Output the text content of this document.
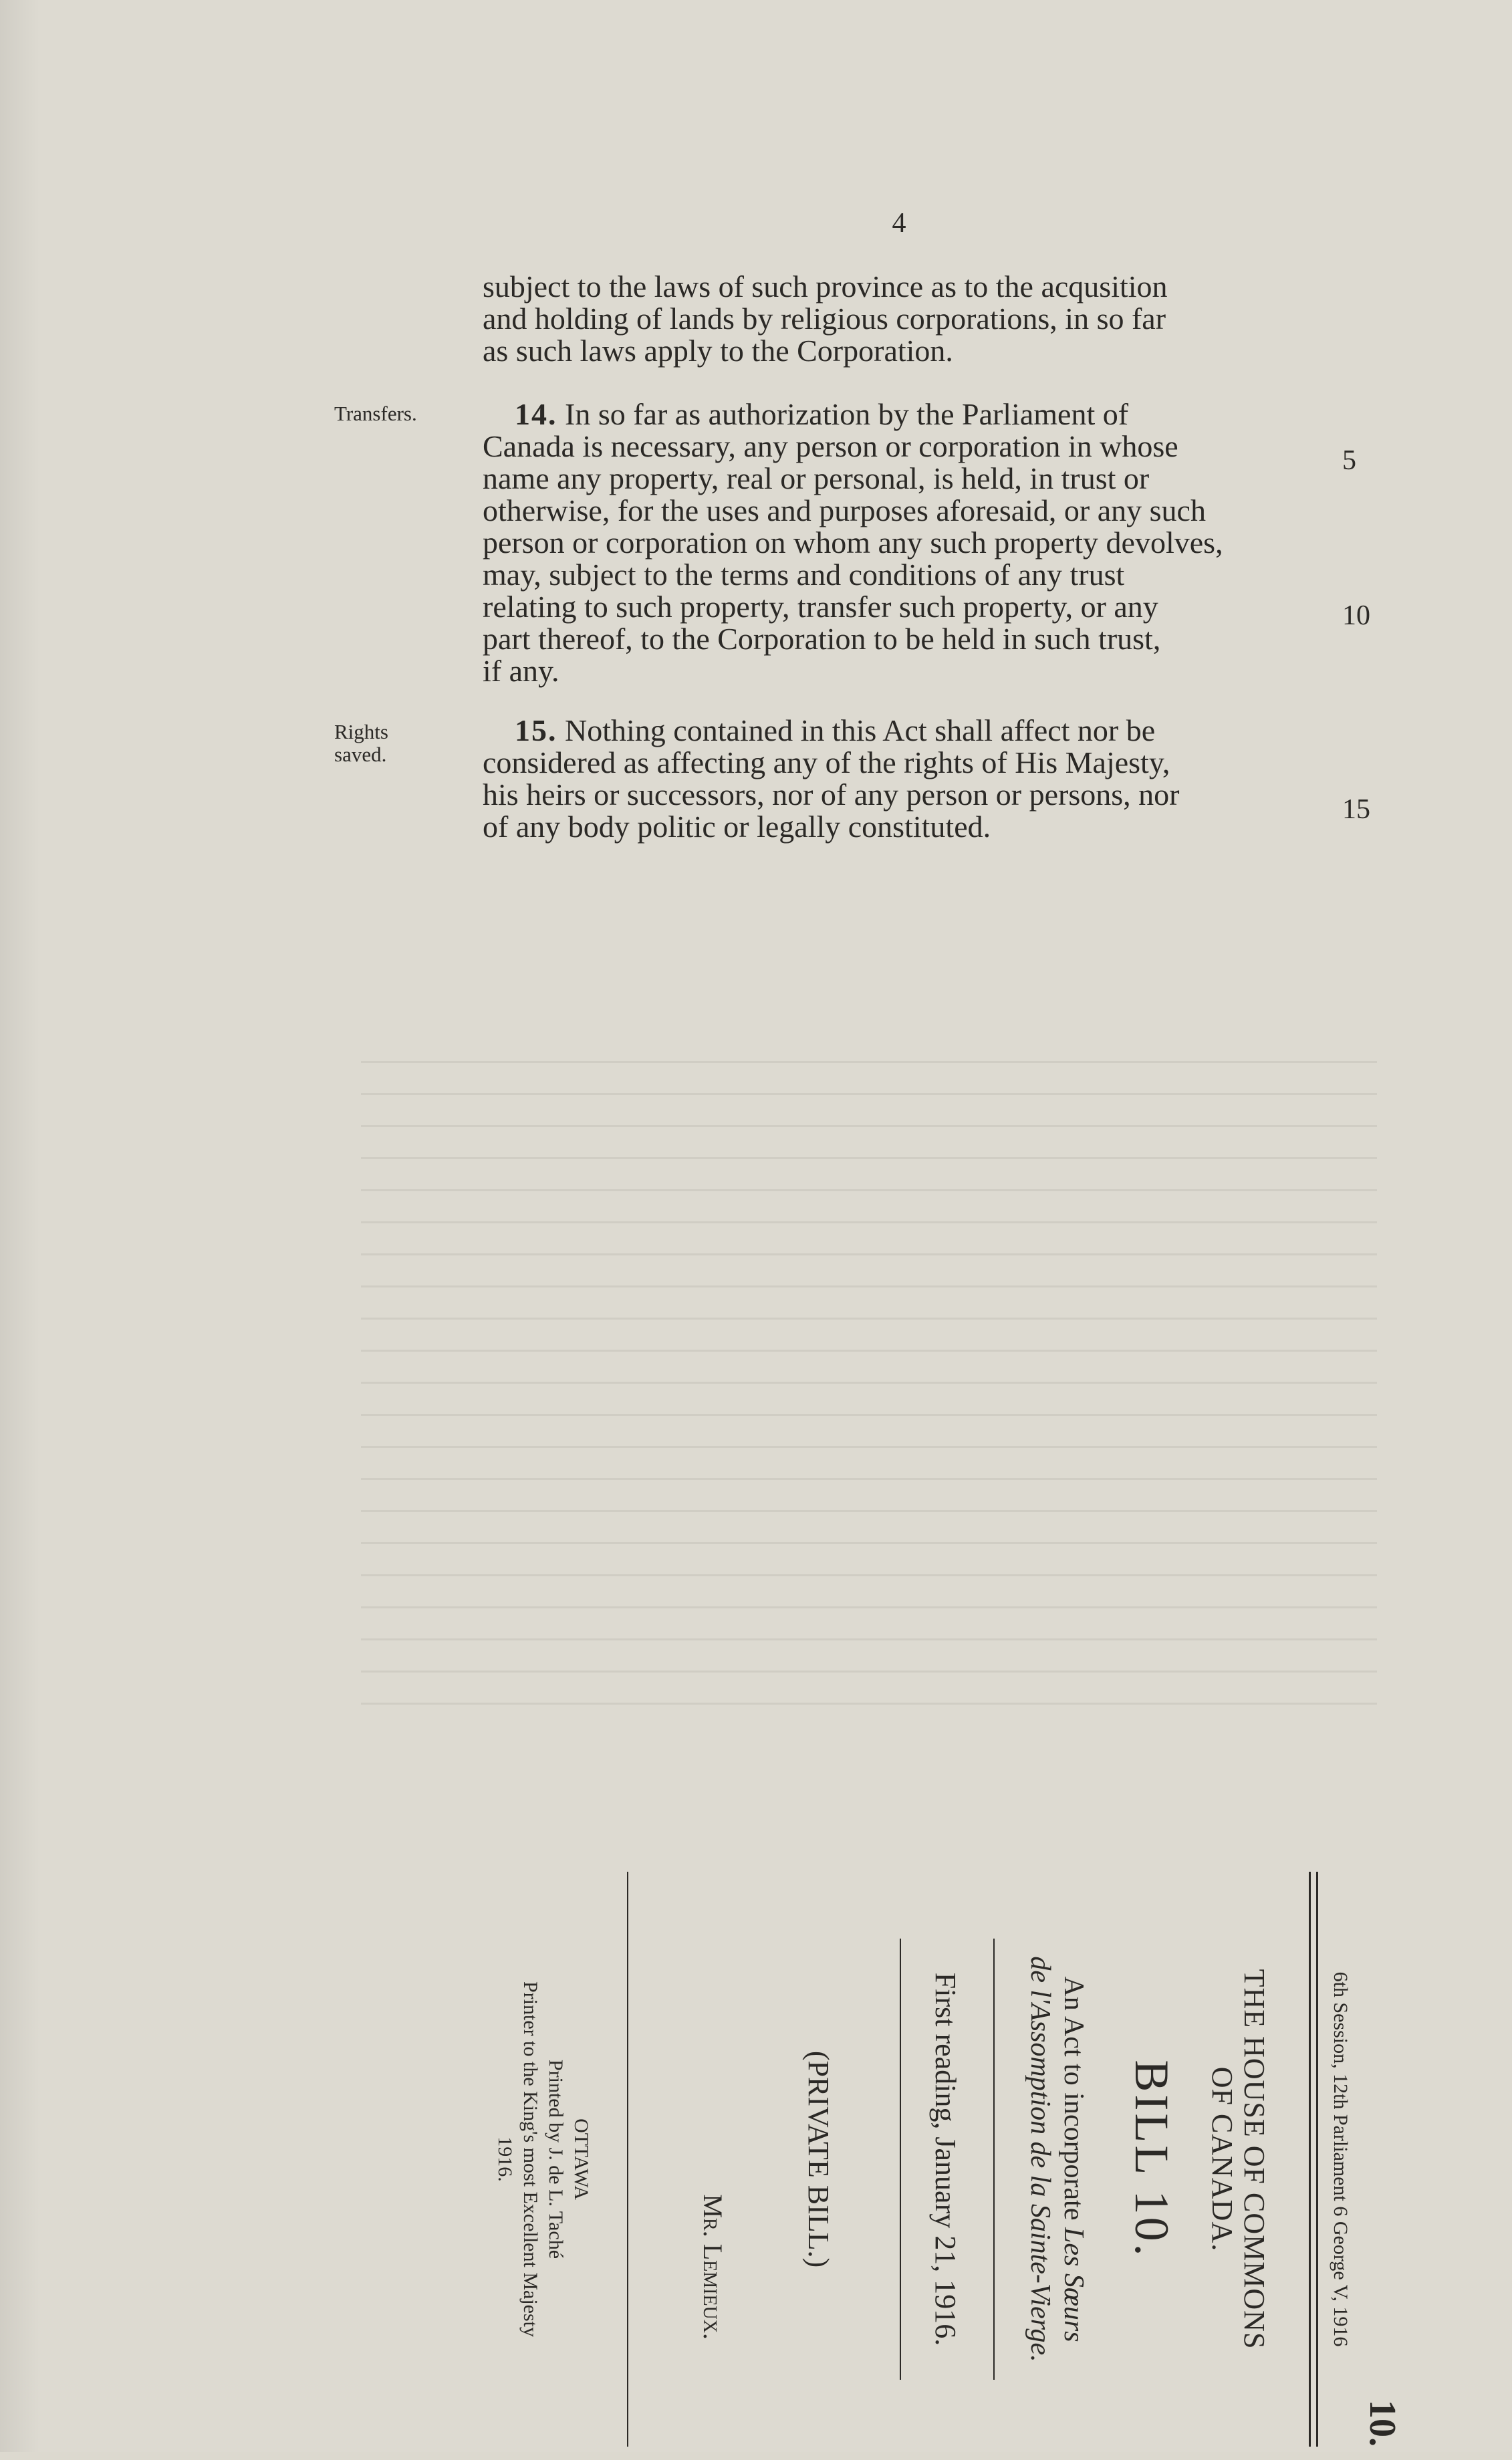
4

subject to the laws of such province as to the acqusition

and holding of lands by religious corporations, in so far

as such laws apply to the Corporation.

Transfers.	14. In so far as authorization by the Parliament of

Canada is necessary, any person or corporation in whose

name any property, real or personal, is held, in trust or

otherwise, for the uses and purposes aforesaid, or any such

person or corporation on whom any such property devolves,

may, subject to the terms and conditions of any trust

relating to such property, transfer such property, or any

part thereof, to the Corporation to be held in such trust,

if any.

Rights
saved.

15. Nothing contained in this Act shall affect nor be

considered as affecting any of the rights of His Majesty,

his heirs or successors, nor of any person or persons, nor

of any body politic or legally constituted.

5
10
15
10.
6th Session, 12th Parliament 6 George V, 1916
THE HOUSE OF COMMONS
OF CANADA.
BILL 10.
An Act to incorporate Les Sœurs
de l'Assomption de la Sainte-Vierge.
First reading, January 21, 1916.
(PRIVATE BILL.)
Mr. Lemieux.
OTTAWA
Printed by J. de L. Taché
Printer to the King's most Excellent Majesty
1916.
